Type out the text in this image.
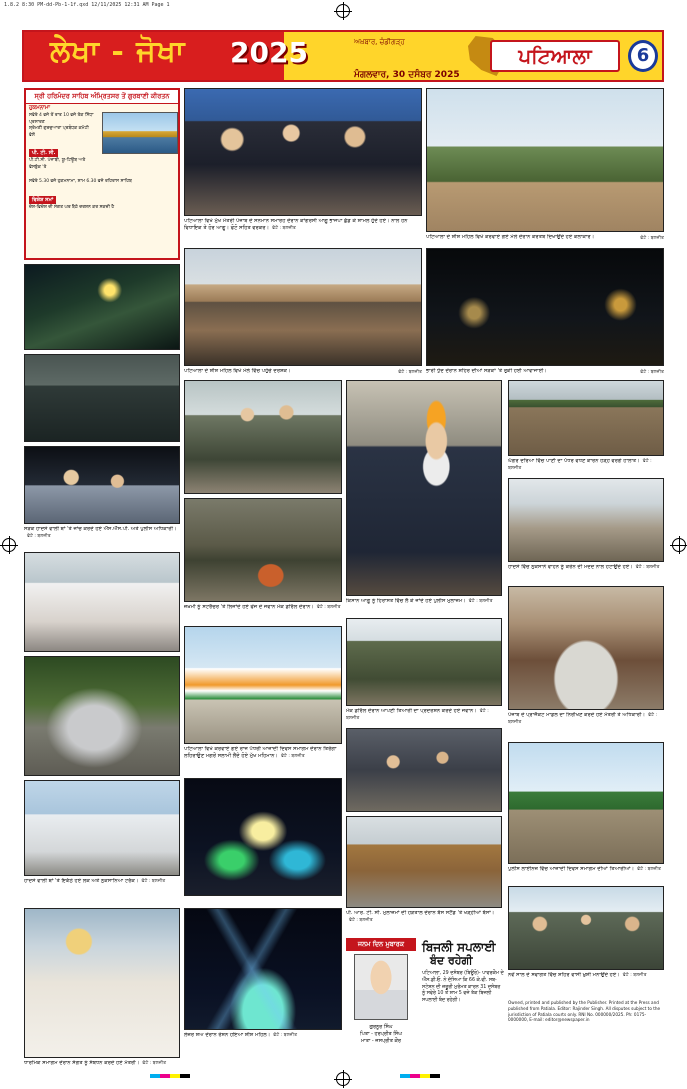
1.8.2 8:30 PM-dd-Pb-1-1f.qxd 12/11/2025 12:31 AM Page 1
ਲੇਖਾ - ਜੋਖਾ 2025	ਅਖ਼ਬਾਰ, ਚੰਡੀਗੜ੍ਹ
ਮੰਗਲਵਾਰ, 30 ਦਸੰਬਰ 2025
ਪਟਿਆਲਾ	6
ਸ੍ਰੀ ਹਰਿਮੰਦਰ ਸਾਹਿਬ ਅੰਮ੍ਰਿਤਸਰ ਤੋਂ ਗੁਰਬਾਣੀ ਕੀਰਤਨ
ਹੁਕਮਨਾਮਾ
ਸਵੇਰੇ 4 ਵਜੇ ਤੋਂ ਰਾਤ 10 ਵਜੇ ਤੱਕ ਸਿੱਧਾ ਪ੍ਰਸਾਰਣ
ਸ਼੍ਰੋਮਣੀ ਗੁਰਦੁਆਰਾ ਪ੍ਰਬੰਧਕ ਕਮੇਟੀ ਵੱਲੋਂ
ਪੀ. ਟੀ. ਸੀ.
ਪੀ.ਟੀ.ਸੀ. ਪੰਜਾਬੀ, ਯੂ-ਟਿਊਬ ਅਤੇ ਫੇਸਬੁੱਕ 'ਤੇ
ਸਵੇਰੇ 5.30 ਵਜੇ ਹੁਕਮਨਾਮਾ, ਸ਼ਾਮ 6.30 ਵਜੇ ਰਹਿਰਾਸ ਸਾਹਿਬ
ਵਿਸ਼ੇਸ਼ ਸਮਾਂ
ਦੇਸ਼-ਵਿਦੇਸ਼ ਦੀ ਸੰਗਤ ਘਰ ਬੈਠੇ ਦਰਸ਼ਨ ਕਰ ਸਕਦੀ ਹੈ
ਸੜਕ ਹਾਦਸੇ ਵਾਲੀ ਥਾਂ 'ਤੇ ਜਾਂਚ ਕਰਦੇ ਹੋਏ ਐੱਸ.ਐੱਸ.ਪੀ. ਅਤੇ ਪੁਲੀਸ ਅਧਿਕਾਰੀ।ਫੋਟੋ : ਬਲਜੀਤ
ਹਾਦਸੇ ਵਾਲੀ ਥਾਂ 'ਤੇ ਇਕੱਠੇ ਹੋਏ ਲੋਕ ਅਤੇ ਨੁਕਸਾਨਿਆ ਟਰੱਕ। ਫੋਟੋ : ਬਲਜੀਤ
ਧਾਰਮਿਕ ਸਮਾਗਮ ਦੌਰਾਨ ਸੰਗਤ ਨੂੰ ਸੰਬੋਧਨ ਕਰਦੇ ਹੋਏ ਮੰਤਰੀ। ਫੋਟੋ : ਬਲਜੀਤ
ਪਟਿਆਲਾ ਵਿਖੇ ਮੁੱਖ ਮੰਤਰੀ ਪੰਜਾਬ ਦੇ ਸਨਮਾਨ ਸਮਾਰੋਹ ਦੌਰਾਨ ਕਾਂਗਰਸੀ ਆਗੂ ਭਾਜਪਾ ਛੱਡ ਕੇ ਸ਼ਾਮਲ ਹੁੰਦੇ ਹੋਏ। ਨਾਲ ਹਨ ਵਿਧਾਇਕ ਤੇ ਹੋਰ ਆਗੂ। ਫੋਟੋ ਸਹਿਤ ਵਰਕਰ। ਫੋਟੋ : ਬਲਜੀਤ
ਪਟਿਆਲਾ ਦੇ ਸ਼ੀਸ਼ ਮਹਿਲ ਵਿਖੇ ਕਰਵਾਏ ਗਏ ਮੇਲੇ ਦੌਰਾਨ ਕਰਤਬ ਦਿਖਾਉਂਦੇ ਹੋਏ ਕਲਾਕਾਰ।	ਫੋਟੋ : ਬਲਜੀਤ
ਪਟਿਆਲਾ ਦੇ ਸ਼ੀਸ਼ ਮਹਿਲ ਵਿਖੇ ਮੇਲੇ ਵਿੱਚ ਪਹੁੰਚੇ ਦਰਸ਼ਕ।	ਫੋਟੋ : ਬਲਜੀਤ ਭਾਰੀ ਧੁੰਦ ਦੌਰਾਨ ਸ਼ਹਿਰ ਦੀਆਂ ਸੜਕਾਂ 'ਤੇ ਰੁਕੀ ਹੋਈ ਆਵਾਜਾਈ।	ਫੋਟੋ : ਬਲਜੀਤ
ਕਿਸਾਨ ਆਗੂ ਨੂੰ ਹਿਰਾਸਤ ਵਿੱਚ ਲੈ ਕੇ ਜਾਂਦੇ ਹੋਏ ਪੁਲੀਸ ਮੁਲਾਜ਼ਮ। ਫੋਟੋ : ਬਲਜੀਤ
ਘੱਗਰ ਦਰਿਆ ਵਿੱਚ ਪਾਣੀ ਦਾ ਪੱਧਰ ਵਧਣ ਕਾਰਨ ਹੜ੍ਹ ਵਰਗੇ ਹਾਲਾਤ। ਫੋਟੋ : ਬਲਜੀਤ
ਜ਼ਖ਼ਮੀ ਨੂੰ ਸਟਰੈਚਰ 'ਤੇ ਲਿਜਾਂਦੇ ਹੋਏ ਫੌਜ ਦੇ ਜਵਾਨ ਮੌਕ ਡਰਿੱਲ ਦੌਰਾਨ। ਫੋਟੋ : ਬਲਜੀਤ
ਹਾਦਸੇ ਵਿੱਚ ਨੁਕਸਾਨੇ ਵਾਹਨ ਨੂੰ ਕਰੇਨ ਦੀ ਮਦਦ ਨਾਲ ਹਟਾਉਂਦੇ ਹੋਏ। ਫੋਟੋ : ਬਲਜੀਤ
ਪੰਜਾਬ ਦੇ ਪ੍ਰਾਜੈਕਟ ਮਾਡਲ ਦਾ ਨਿਰੀਖਣ ਕਰਦੇ ਹੋਏ ਮੰਤਰੀ ਤੇ ਅਧਿਕਾਰੀ। ਫੋਟੋ : ਬਲਜੀਤ
ਮੌਕ ਡਰਿੱਲ ਦੌਰਾਨ ਆਪਣੀ ਤਿਆਰੀ ਦਾ ਪ੍ਰਦਰਸ਼ਨ ਕਰਦੇ ਹੋਏ ਜਵਾਨ। ਫੋਟੋ : ਬਲਜੀਤ
ਪਟਿਆਲਾ ਵਿਖੇ ਕਰਵਾਏ ਗਏ ਰਾਜ ਪੱਧਰੀ ਆਜ਼ਾਦੀ ਦਿਵਸ ਸਮਾਗਮ ਦੌਰਾਨ ਤਿਰੰਗਾ ਲਹਿਰਾਉਣ ਮਗਰੋਂ ਸਲਾਮੀ ਲੈਂਦੇ ਹੋਏ ਮੁੱਖ ਮਹਿਮਾਨ। ਫੋਟੋ : ਬਲਜੀਤ
ਪੁਲੀਸ ਲਾਈਨਜ਼ ਵਿੱਚ ਆਜ਼ਾਦੀ ਦਿਵਸ ਸਮਾਗਮ ਦੀਆਂ ਤਿਆਰੀਆਂ। ਫੋਟੋ : ਬਲਜੀਤ
ਪੀ. ਆਰ. ਟੀ. ਸੀ. ਮੁਲਾਜ਼ਮਾਂ ਦੀ ਹੜਤਾਲ ਦੌਰਾਨ ਬੱਸ ਸਟੈਂਡ 'ਤੇ ਖੜ੍ਹੀਆਂ ਬੱਸਾਂ।ਫੋਟੋ : ਬਲਜੀਤ
ਨਵੇਂ ਸਾਲ ਦੇ ਸਵਾਗਤ ਵਿੱਚ ਸ਼ਹਿਰ ਵਾਸੀ ਖ਼ੁਸ਼ੀ ਮਨਾਉਂਦੇ ਹੋਏ। ਫੋਟੋ : ਬਲਜੀਤ
ਲੇਜ਼ਰ ਸ਼ੋਅ ਦੌਰਾਨ ਰੌਸ਼ਨ ਹੋਇਆ ਸ਼ੀਸ਼ ਮਹਿਲ। ਫੋਟੋ : ਬਲਜੀਤ
ਜਨਮ ਦਿਨ ਮੁਬਾਰਕ
ਗੁਰਨੂਰ ਸਿੰਘ
ਪਿਤਾ - ਹਰਪ੍ਰੀਤ ਸਿੰਘ
ਮਾਤਾ - ਜਸਪ੍ਰੀਤ ਕੌਰ
ਬਿਜਲੀ ਸਪਲਾਈ
ਬੰਦ ਰਹੇਗੀ
ਪਟਿਆਲਾ, 29 ਦਸੰਬਰ (ਬਿਊਰੋ)- ਪਾਵਰਕੌਮ ਦੇ ਐੱਸ.ਡੀ.ਓ. ਨੇ ਦੱਸਿਆ ਕਿ 66 ਕੇ.ਵੀ. ਸਬ-ਸਟੇਸ਼ਨ ਦੀ ਜ਼ਰੂਰੀ ਮੁਰੰਮਤ ਕਾਰਨ 31 ਦਸੰਬਰ ਨੂੰ ਸਵੇਰੇ 10 ਤੋਂ ਸ਼ਾਮ 5 ਵਜੇ ਤੱਕ ਬਿਜਲੀ ਸਪਲਾਈ ਬੰਦ ਰਹੇਗੀ।	Owned, printed and published by the Publisher. Printed at the Press and published from Patiala. Editor: Rajinder Singh. All disputes subject to the jurisdiction of Patiala courts only. RNI No. 000000/2025. Ph: 0175-0000000, E-mail: editor@newspaper.in
